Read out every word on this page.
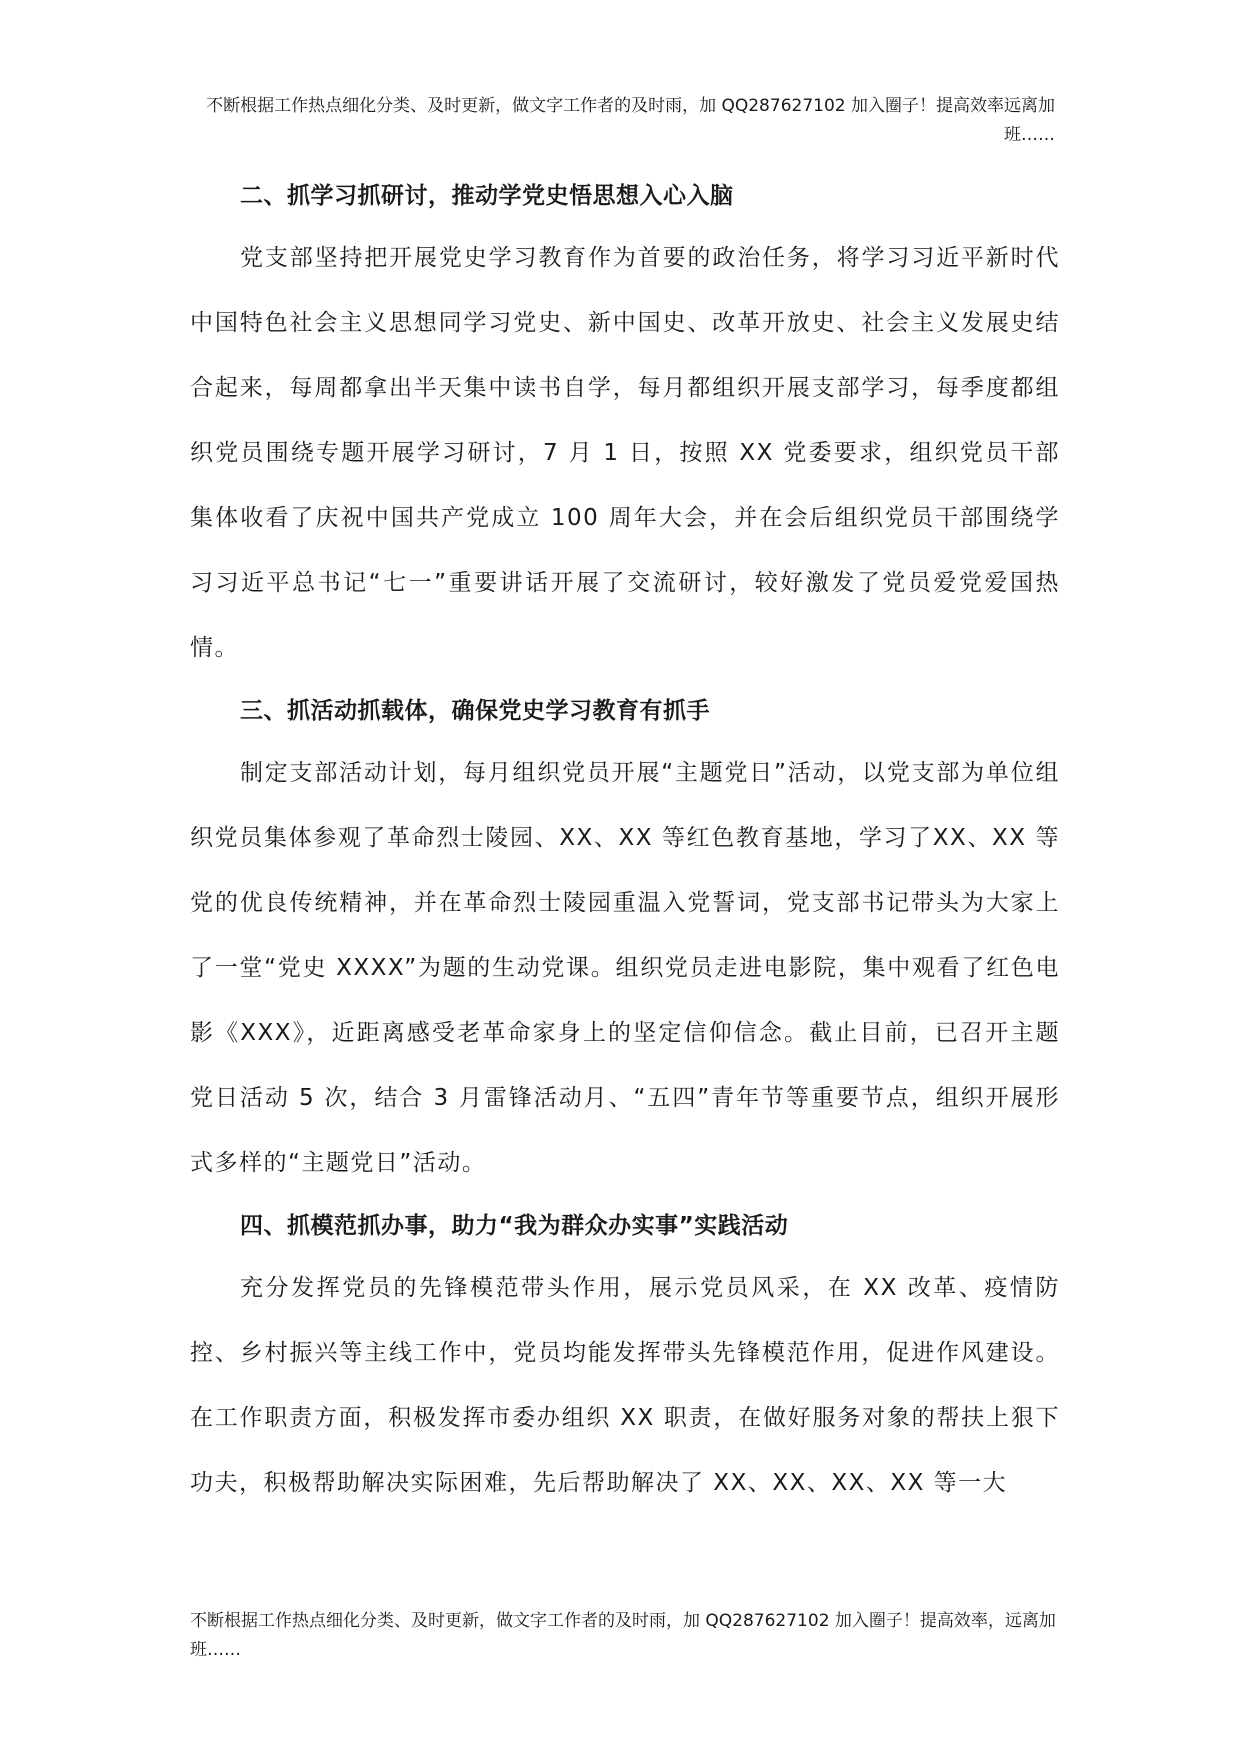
不断根据工作热点细化分类、及时更新，做文字工作者的及时雨，加 QQ287627102 加入圈子！提高效率远离加班……
二、抓学习抓研讨，推动学党史悟思想入心入脑

党支部坚持把开展党史学习教育作为首要的政治任务，将学习习近平新时代中国特色社会主义思想同学习党史、新中国史、改革开放史、社会主义发展史结合起来，每周都拿出半天集中读书自学，每月都组织开展支部学习，每季度都组织党员围绕专题开展学习研讨，7 月 1 日，按照 XX 党委要求，组织党员干部集体收看了庆祝中国共产党成立 100 周年大会，并在会后组织党员干部围绕学习习近平总书记“七一”重要讲话开展了交流研讨，较好激发了党员爱党爱国热情。

三、抓活动抓载体，确保党史学习教育有抓手

制定支部活动计划，每月组织党员开展“主题党日”活动，以党支部为单位组织党员集体参观了革命烈士陵园、XX、XX 等红色教育基地，学习了XX、XX 等党的优良传统精神，并在革命烈士陵园重温入党誓词，党支部书记带头为大家上了一堂“党史 XXXX”为题的生动党课。组织党员走进电影院，集中观看了红色电影《XXX》，近距离感受老革命家身上的坚定信仰信念。截止目前，已召开主题党日活动 5 次，结合 3 月雷锋活动月、“五四”青年节等重要节点，组织开展形式多样的“主题党日”活动。

四、抓模范抓办事，助力“我为群众办实事”实践活动

充分发挥党员的先锋模范带头作用，展示党员风采，在 XX 改革、疫情防控、乡村振兴等主线工作中，党员均能发挥带头先锋模范作用，促进作风建设。在工作职责方面，积极发挥市委办组织 XX 职责，在做好服务对象的帮扶上狠下功夫，积极帮助解决实际困难，先后帮助解决了 XX、XX、XX、XX 等一大

不断根据工作热点细化分类、及时更新，做文字工作者的及时雨，加 QQ287627102 加入圈子！提高效率，远离加班……
